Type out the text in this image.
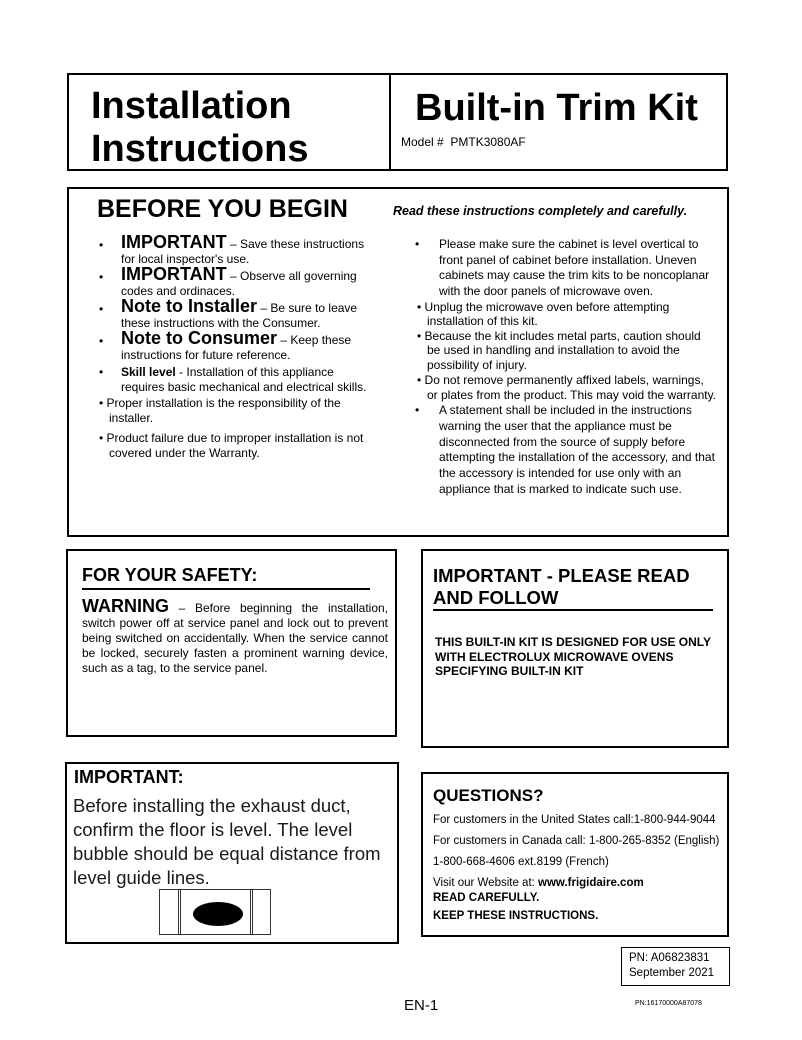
Installation
Instructions
Built-in Trim Kit
Model # PMTK3080AF
BEFORE YOU BEGIN	Read these instructions completely and carefully.
• IMPORTANT – Save these instructions for local inspector's use.
• IMPORTANT – Observe all governing codes and ordinaces.
• Note to Installer – Be sure to leave these instructions with the Consumer.
• Note to Consumer – Keep these instructions for future reference.
• Skill level - Installation of this appliance requires basic mechanical and electrical skills.
• Proper installation is the responsibility of the installer.
• Product failure due to improper installation is not covered under the Warranty.
• Please make sure the cabinet is level overtical to front panel of cabinet before installation. Uneven cabinets may cause the trim kits to be noncoplanar with the door panels of microwave oven.
• Unplug the microwave oven before attempting installation of this kit.
• Because the kit includes metal parts, caution should be used in handling and installation to avoid the possibility of injury.
• Do not remove permanently affixed labels, warnings, or plates from the product. This may void the warranty.
• A statement shall be included in the instructions warning the user that the appliance must be disconnected from the source of supply before attempting the installation of the accessory, and that the accessory is intended for use only with an appliance that is marked to indicate such use.
FOR YOUR SAFETY:
WARNING – Before beginning the installation, switch power off at service panel and lock out to prevent being switched on accidentally. When the service cannot be locked, securely fasten a prominent warning device, such as a tag, to the service panel.
IMPORTANT - PLEASE READ AND FOLLOW
THIS BUILT-IN KIT IS DESIGNED FOR USE ONLY WITH ELECTROLUX MICROWAVE OVENS SPECIFYING BUILT-IN KIT
IMPORTANT:
Before installing the exhaust duct, confirm the floor is level. The level bubble should be equal distance from level guide lines.
QUESTIONS?
For customers in the United States call:1-800-944-9044
For customers in Canada call: 1-800-265-8352 (English)
1-800-668-4606 ext.8199 (French)
Visit our Website at: www.frigidaire.com
READ CAREFULLY.
KEEP THESE INSTRUCTIONS.
PN: A06823831
September 2021
EN-1	PN:16170000A87078
